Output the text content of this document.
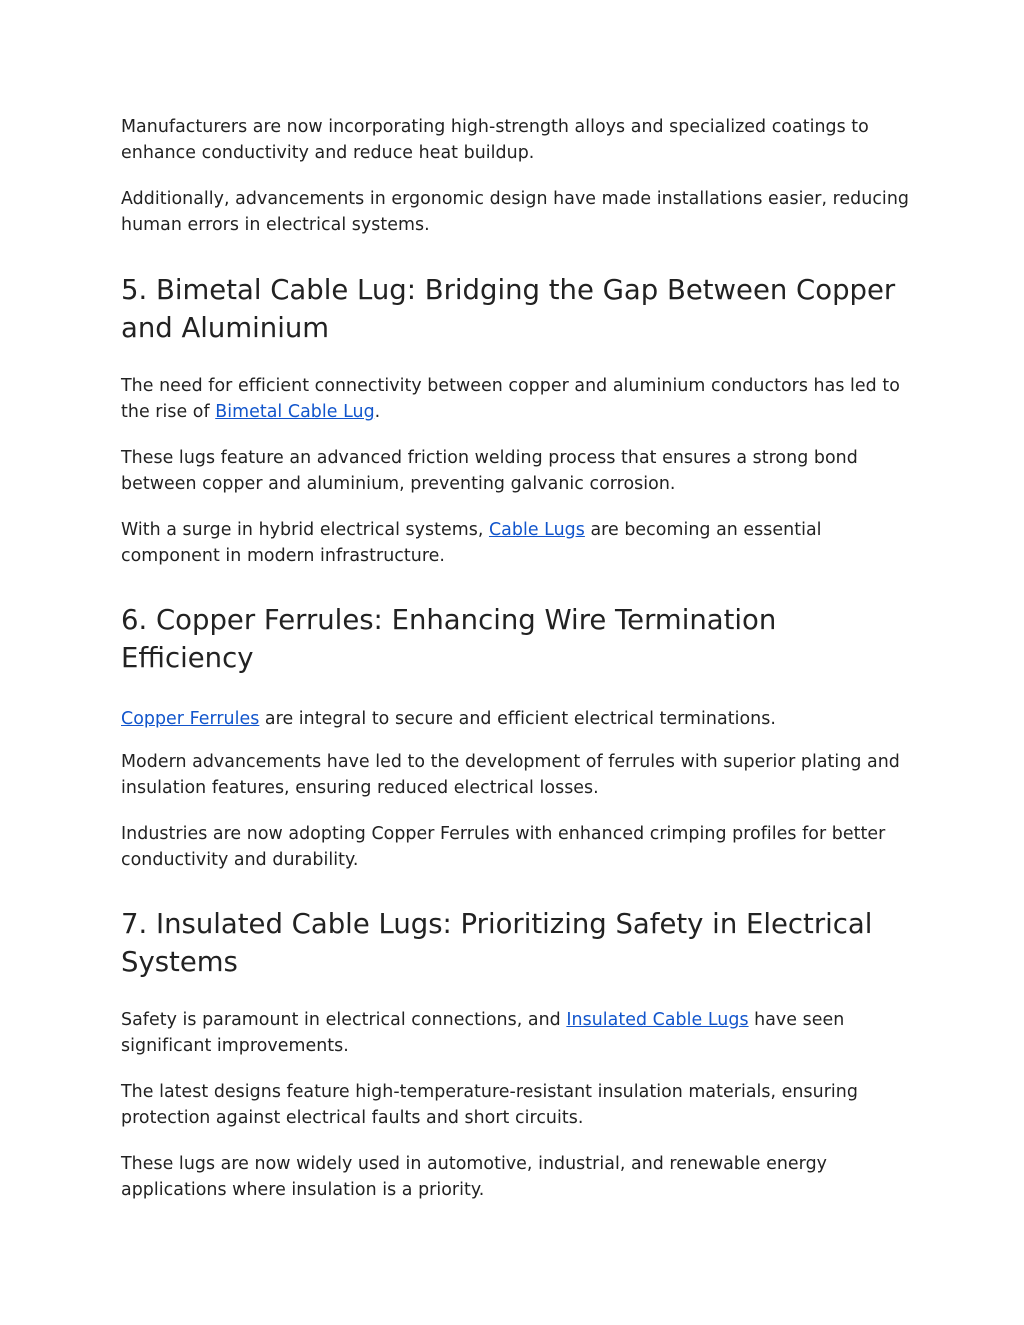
Manufacturers are now incorporating high-strength alloys and specialized coatings to enhance conductivity and reduce heat buildup.

Additionally, advancements in ergonomic design have made installations easier, reducing human errors in electrical systems.

5. Bimetal Cable Lug: Bridging the Gap Between Copper and Aluminium

The need for efficient connectivity between copper and aluminium conductors has led to the rise of Bimetal Cable Lug.

These lugs feature an advanced friction welding process that ensures a strong bond between copper and aluminium, preventing galvanic corrosion.

With a surge in hybrid electrical systems, Cable Lugs are becoming an essential component in modern infrastructure.

6. Copper Ferrules: Enhancing Wire Termination Efficiency

Copper Ferrules are integral to secure and efficient electrical terminations.

Modern advancements have led to the development of ferrules with superior plating and insulation features, ensuring reduced electrical losses.

Industries are now adopting Copper Ferrules with enhanced crimping profiles for better conductivity and durability.

7. Insulated Cable Lugs: Prioritizing Safety in Electrical Systems

Safety is paramount in electrical connections, and Insulated Cable Lugs have seen significant improvements.

The latest designs feature high-temperature-resistant insulation materials, ensuring protection against electrical faults and short circuits.

These lugs are now widely used in automotive, industrial, and renewable energy applications where insulation is a priority.
